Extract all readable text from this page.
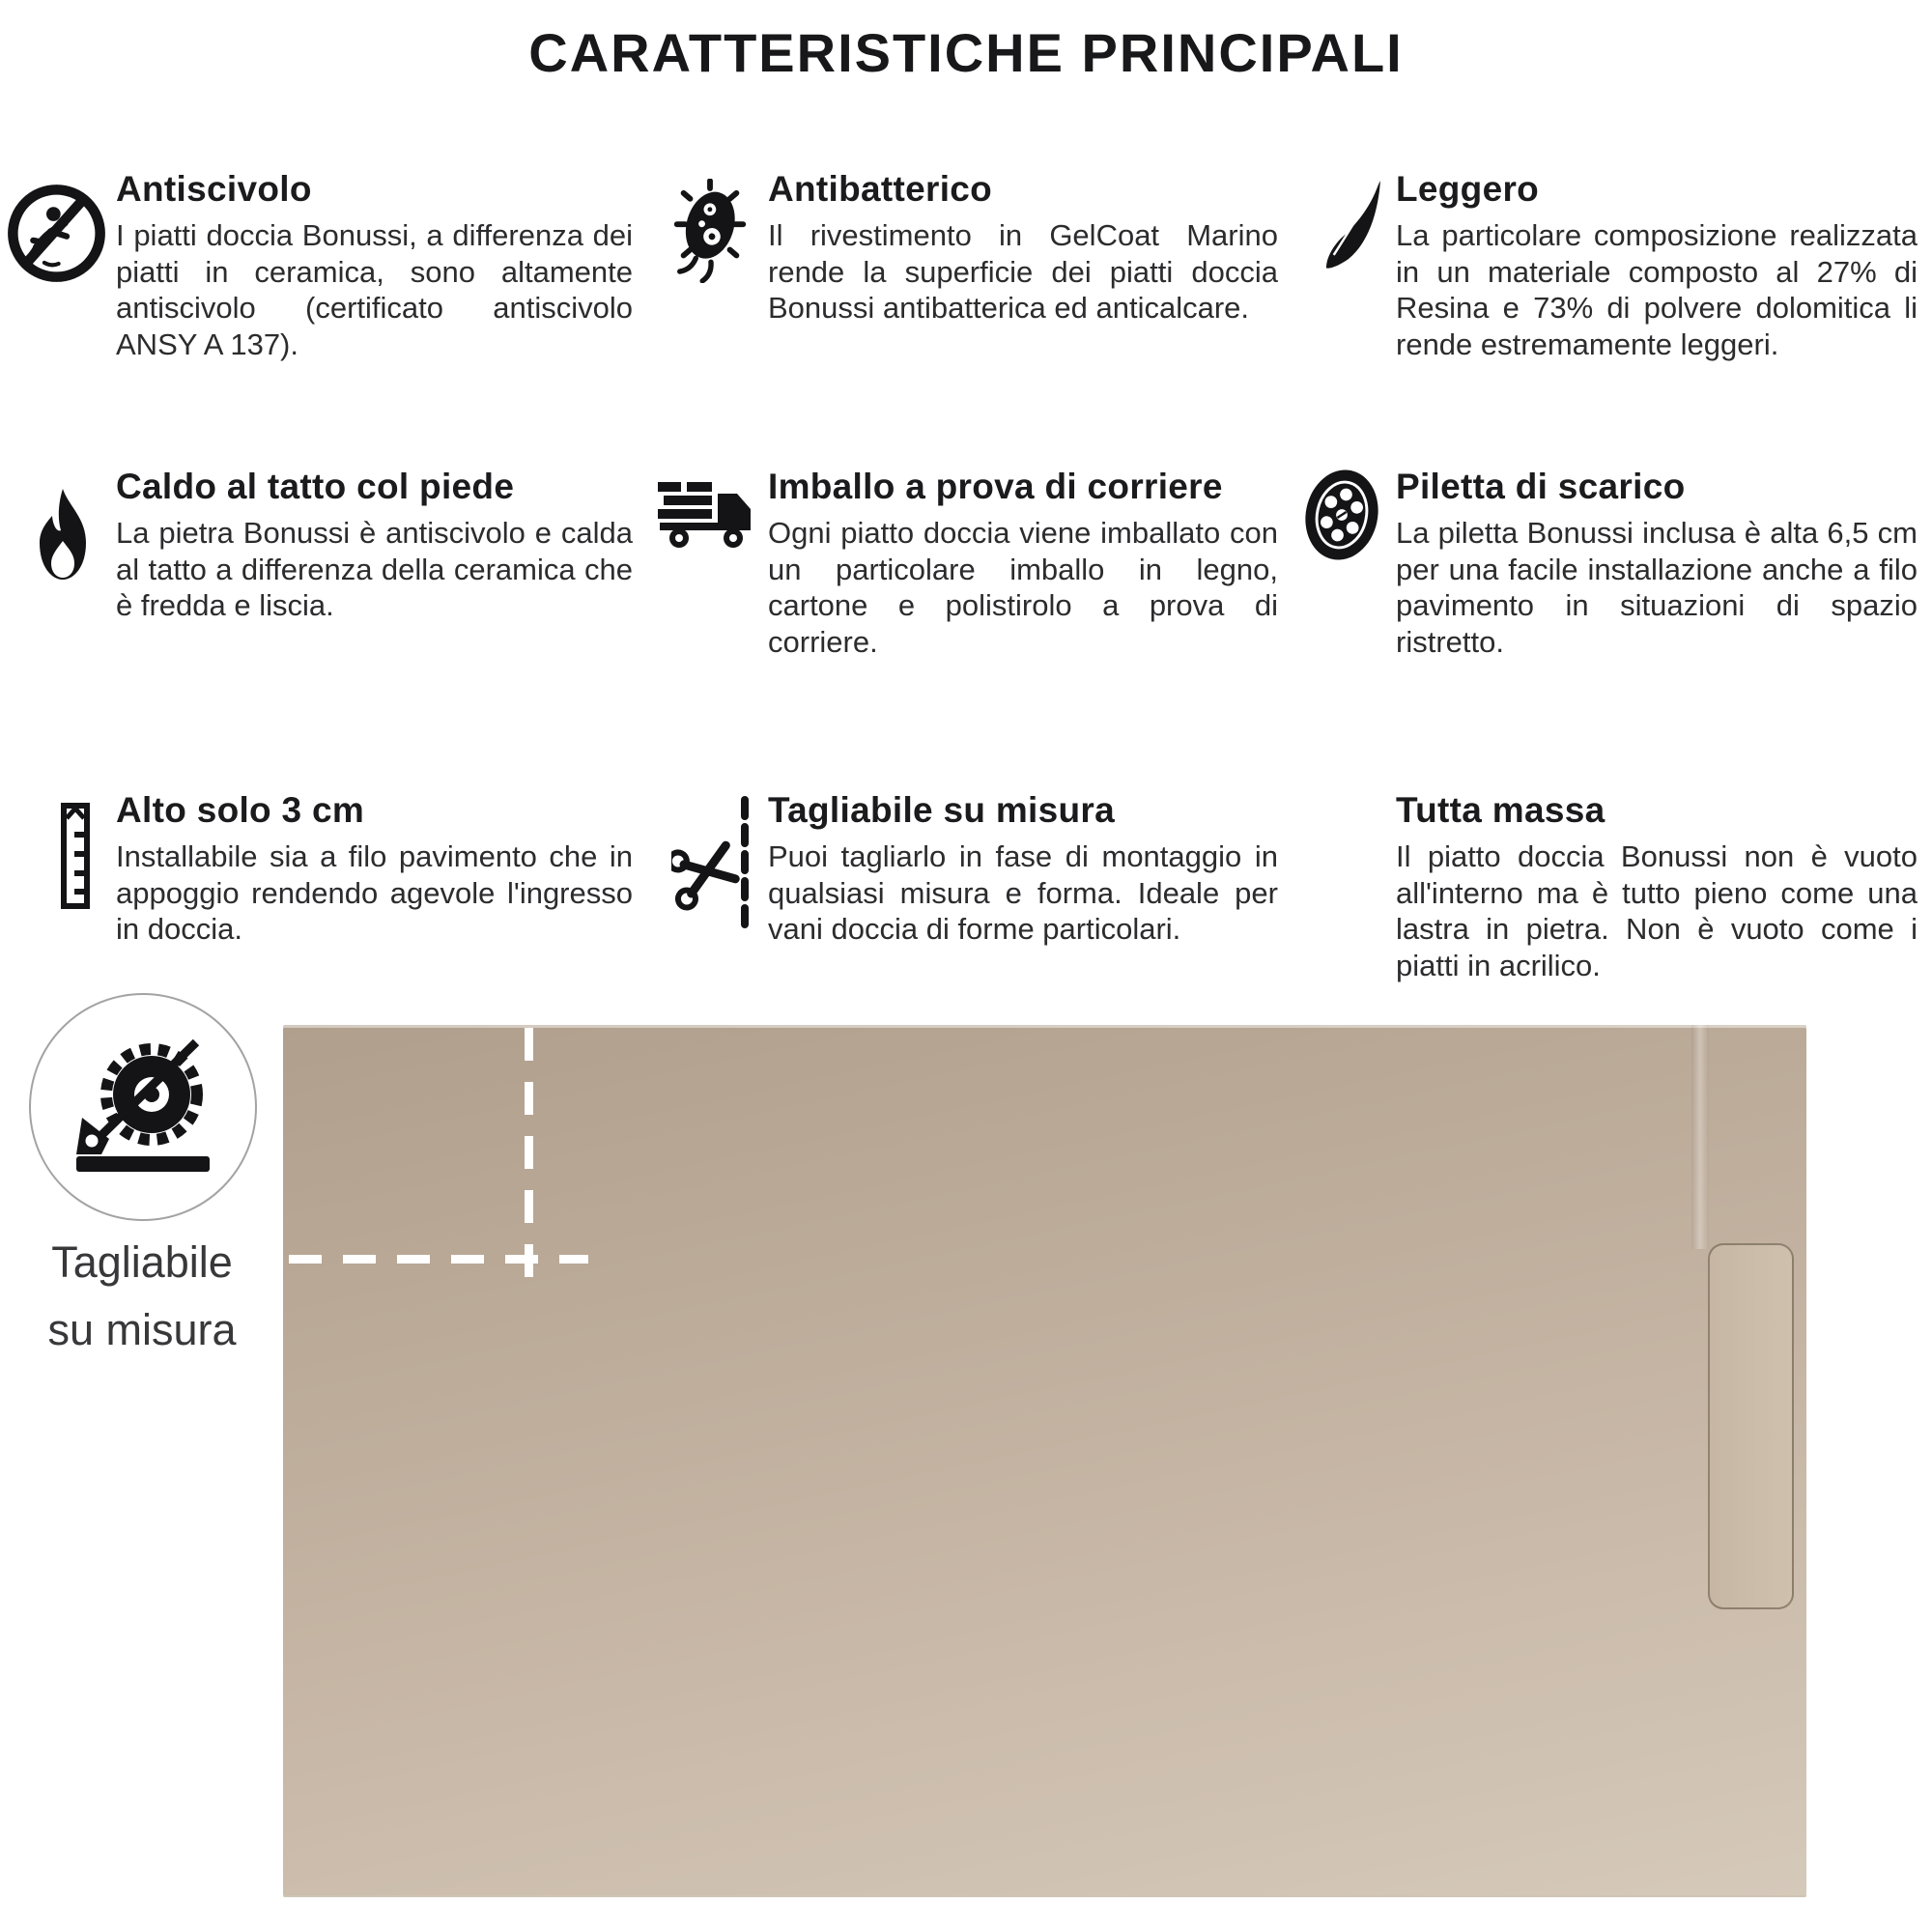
CARATTERISTICHE PRINCIPALI
Antiscivolo
I piatti doccia Bonussi, a differenza dei piatti in ceramica, sono altamente antiscivolo (certificato antiscivolo ANSY A 137).
Antibatterico
Il rivestimento in GelCoat Marino rende la superficie dei piatti doccia Bonussi antibatterica ed anticalcare.
Leggero
La particolare composizione realizzata in un materiale composto al 27% di Resina e 73% di polvere dolomitica li rende estremamente leggeri.
Caldo al tatto col piede
La pietra Bonussi è antiscivolo e calda al tatto a differenza della ceramica che è fredda e liscia.
Imballo a prova di corriere
Ogni piatto doccia viene imballato con un particolare imballo in legno, cartone e polistirolo a prova di corriere.
Piletta di scarico
La piletta Bonussi inclusa è alta 6,5 cm per una facile installazione anche a filo pavimento in situazioni di spazio ristretto.
Alto solo 3 cm
Installabile sia a filo pavimento che in appoggio rendendo agevole l'ingresso in doccia.
Tagliabile su misura
Puoi tagliarlo in fase di montaggio in qualsiasi misura e forma. Ideale per vani doccia di forme particolari.
Tutta massa
Il piatto doccia Bonussi non è vuoto all'interno ma è tutto pieno come una lastra in pietra. Non è vuoto come i piatti in acrilico.
Tagliabile
su misura
